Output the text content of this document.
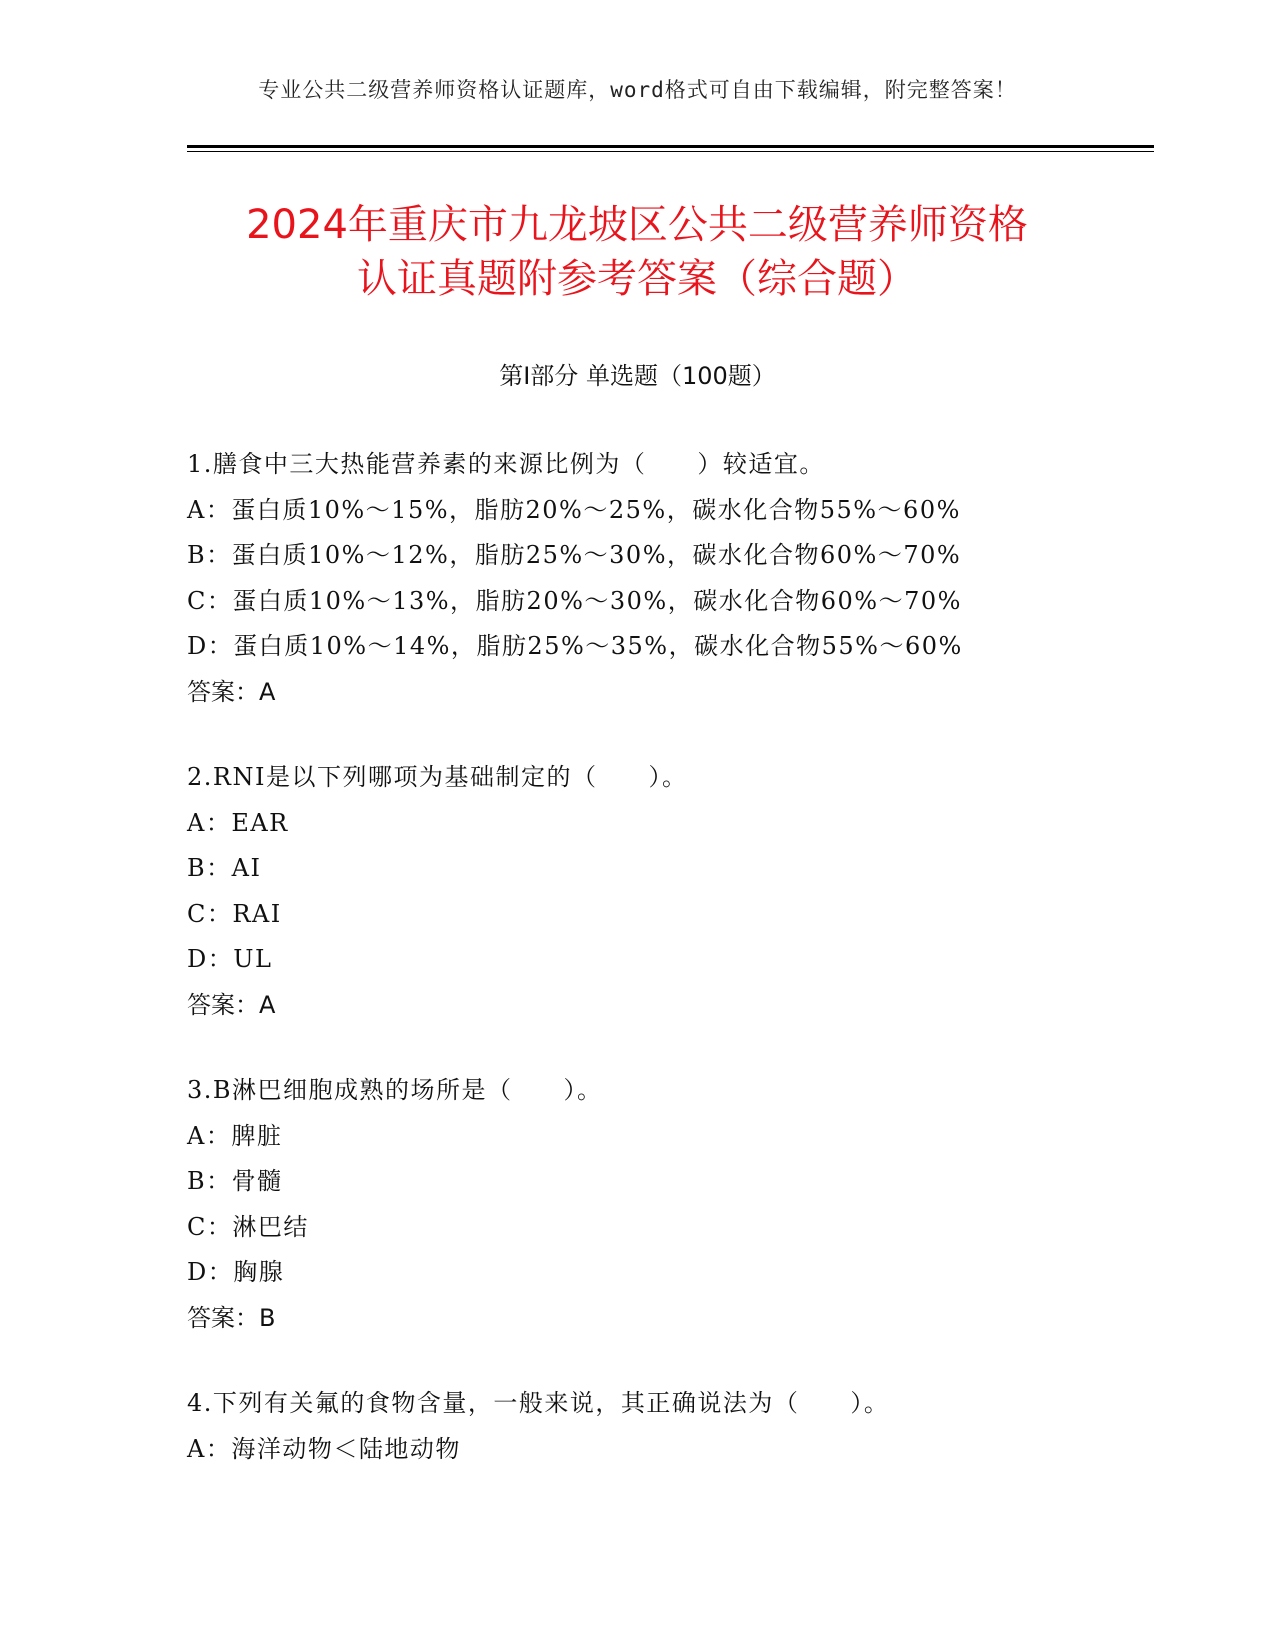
专业公共二级营养师资格认证题库，word格式可自由下载编辑，附完整答案！
2024年重庆市九龙坡区公共二级营养师资格
认证真题附参考答案（综合题）
第Ⅰ部分 单选题（100题）
1.膳食中三大热能营养素的来源比例为（　　）较适宜。
A：蛋白质10%～15%，脂肪20%～25%，碳水化合物55%～60%
B：蛋白质10%～12%，脂肪25%～30%，碳水化合物60%～70%
C：蛋白质10%～13%，脂肪20%～30%，碳水化合物60%～70%
D：蛋白质10%～14%，脂肪25%～35%，碳水化合物55%～60%
答案：A
2.RNI是以下列哪项为基础制定的（　　）。
A：EAR
B：AI
C：RAI
D：UL
答案：A
3.B淋巴细胞成熟的场所是（　　）。
A：脾脏
B：骨髓
C：淋巴结
D：胸腺
答案：B
4.下列有关氟的食物含量，一般来说，其正确说法为（　　）。
A：海洋动物＜陆地动物
